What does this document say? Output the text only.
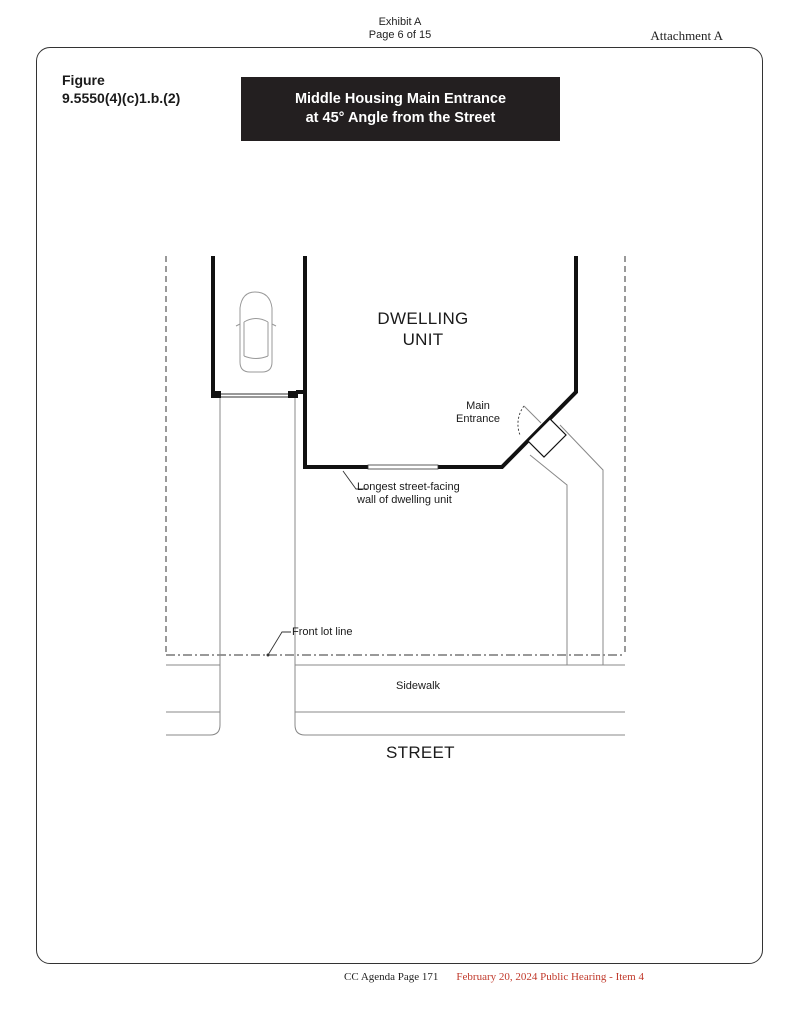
Exhibit A
Page 6 of 15	Attachment A
Figure
9.5550(4)(c)1.b.(2)	Middle Housing Main Entrance
at 45° Angle from the Street
DWELLING
UNIT
Main
Entrance
Longest street-facing
wall of dwelling unit
Front lot line
Sidewalk
STREET
CC Agenda Page 171 February 20, 2024 Public Hearing - Item 4
